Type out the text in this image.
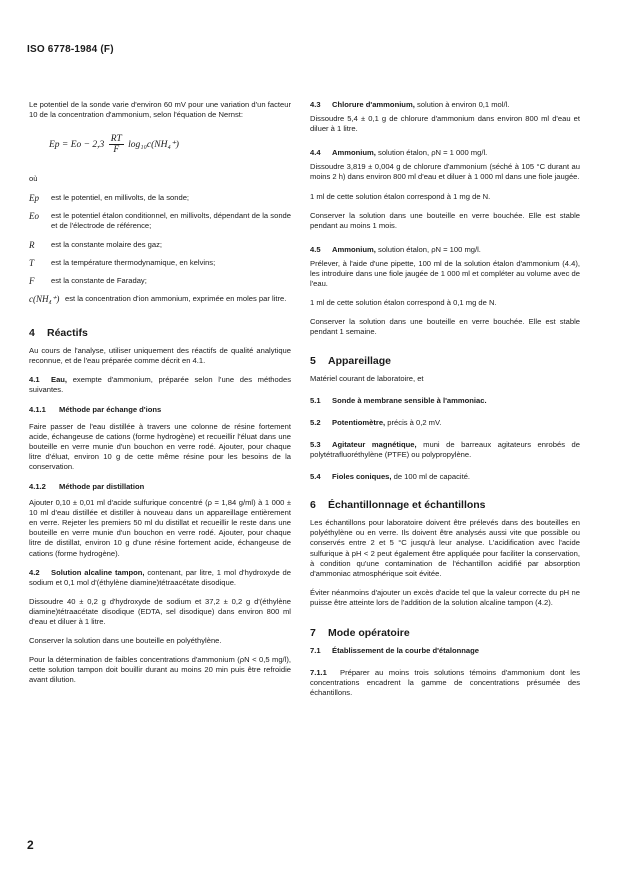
ISO 6778-1984 (F)

Le potentiel de la sonde varie d'environ 60 mV pour une variation d'un facteur 10 de la concentration d'ammonium, selon l'équation de Nernst:

$Ep = Eo - 2,3 \frac{RT}{F} \log_{10}c(NH_4^+)$

où

Ep	est le potentiel, en millivolts, de la sonde;
Eo	est le potentiel étalon conditionnel, en millivolts, dépendant de la sonde et de l'électrode de référence;
R	est la constante molaire des gaz;
T	est la température thermodynamique, en kelvins;
F	est la constante de Faraday;
c(NH₄⁺) est la concentration d'ion ammonium, exprimée en moles par litre.
4 Réactifs

Au cours de l'analyse, utiliser uniquement des réactifs de qualité analytique reconnue, et de l'eau préparée comme décrit en 4.1.

4.1 Eau, exempte d'ammonium, préparée selon l'une des méthodes suivantes.

4.1.1 Méthode par échange d'ions

Faire passer de l'eau distillée à travers une colonne de résine fortement acide, échangeuse de cations (forme hydrogène) et recueillir l'éluat dans une bouteille en verre munie d'un bouchon en verre rodé. Ajouter, pour chaque litre d'éluat, environ 10 g de cette même résine pour les besoins de la conservation.

4.1.2 Méthode par distillation

Ajouter 0,10 ± 0,01 ml d'acide sulfurique concentré (ρ = 1,84 g/ml) à 1 000 ± 10 ml d'eau distillée et distiller à nouveau dans un appareillage entièrement en verre. Rejeter les premiers 50 ml du distillat et recueillir le reste dans une bouteille en verre munie d'un bouchon en verre rodé. Ajouter, pour chaque litre de distillat, environ 10 g d'une résine fortement acide, échangeuse de cations (forme hydrogène).

4.2 Solution alcaline tampon, contenant, par litre, 1 mol d'hydroxyde de sodium et 0,1 mol d'(éthylène diamine)tétraacétate disodique.

Dissoudre 40 ± 0,2 g d'hydroxyde de sodium et 37,2 ± 0,2 g d'(éthylène diamine)tétraacétate disodique (EDTA, sel disodique) dans environ 800 ml d'eau et diluer à 1 litre.

Conserver la solution dans une bouteille en polyéthylène.

Pour la détermination de faibles concentrations d'ammonium (ρN < 0,5 mg/l), cette solution tampon doit bouillir durant au moins 20 min puis être refroidie avant dilution.

4.3 Chlorure d'ammonium, solution à environ 0,1 mol/l.

Dissoudre 5,4 ± 0,1 g de chlorure d'ammonium dans environ 800 ml d'eau et diluer à 1 litre.

4.4 Ammonium, solution étalon, ρN = 1 000 mg/l.

Dissoudre 3,819 ± 0,004 g de chlorure d'ammonium (séché à 105 °C durant au moins 2 h) dans environ 800 ml d'eau et diluer à 1 000 ml dans une fiole jaugée.

1 ml de cette solution étalon correspond à 1 mg de N.

Conserver la solution dans une bouteille en verre bouchée. Elle est stable pendant au moins 1 mois.

4.5 Ammonium, solution étalon, ρN = 100 mg/l.

Prélever, à l'aide d'une pipette, 100 ml de la solution étalon d'ammonium (4.4), les introduire dans une fiole jaugée de 1 000 ml et compléter au volume avec de l'eau.

1 ml de cette solution étalon correspond à 0,1 mg de N.

Conserver la solution dans une bouteille en verre bouchée. Elle est stable pendant 1 semaine.

5 Appareillage

Matériel courant de laboratoire, et

5.1 Sonde à membrane sensible à l'ammoniac.

5.2 Potentiomètre, précis à 0,2 mV.

5.3 Agitateur magnétique, muni de barreaux agitateurs enrobés de polytétrafluoréthylène (PTFE) ou polypropylène.

5.4 Fioles coniques, de 100 ml de capacité.

6 Échantillonnage et échantillons

Les échantillons pour laboratoire doivent être prélevés dans des bouteilles en polyéthylène ou en verre. Ils doivent être analysés aussi vite que possible ou conservés entre 2 et 5 °C jusqu'à leur analyse. L'acidification avec l'acide sulfurique à pH < 2 peut également être appliquée pour faciliter la conservation, à condition qu'une contamination de l'échantillon acidifié par absorption d'ammoniac atmosphérique soit évitée.

Éviter néanmoins d'ajouter un excès d'acide tel que la valeur correcte du pH ne puisse être atteinte lors de l'addition de la solution alcaline tampon (4.2).

7 Mode opératoire

7.1 Établissement de la courbe d'étalonnage

7.1.1 Préparer au moins trois solutions témoins d'ammonium dont les concentrations encadrent la gamme de concentrations présumée des échantillons.

2
